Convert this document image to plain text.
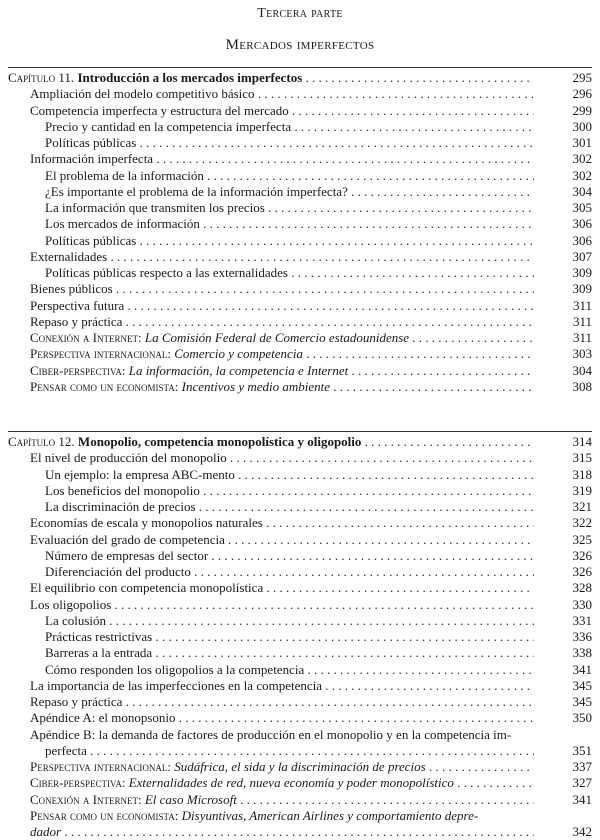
Tercera parte
Mercados imperfectos
Capítulo 11. Introducción a los mercados imperfectos . . .	295
Ampliación del modelo competitivo básico . . .	296
Competencia imperfecta y estructura del mercado . . .	299
Precio y cantidad en la competencia imperfecta . . .	300
Políticas públicas . . .	301
Información imperfecta . . .	302
El problema de la información . . .	302
¿Es importante el problema de la información imperfecta? . . .	304
La información que transmiten los precios . . .	305
Los mercados de información . . .	306
Políticas públicas . . .	306
Externalidades . . .	307
Políticas públicas respecto a las externalidades . . .	309
Bienes públicos . . .	309
Perspectiva futura . . .	311
Repaso y práctica . . .	311
Conexión a Internet: La Comisión Federal de Comercio estadounidense . . .	311
Perspectiva internacional: Comercio y competencia . . .	303
Ciber-perspectiva: La información, la competencia e Internet . . .	304
Pensar como un economista: Incentivos y medio ambiente . . .	308
Capítulo 12. Monopolio, competencia monopolística y oligopolio . . .	314
El nivel de producción del monopolio . . .	315
Un ejemplo: la empresa ABC-mento . . .	318
Los beneficios del monopolio . . .	319
La discriminación de precios . . .	321
Economías de escala y monopolios naturales . . .	322
Evaluación del grado de competencia . . .	325
Número de empresas del sector . . .	326
Diferenciación del producto . . .	326
El equilibrio con competencia monopolística . . .	328
Los oligopolios . . .	330
La colusión . . .	331
Prácticas restrictivas . . .	336
Barreras a la entrada . . .	338
Cómo responden los oligopolios a la competencia . . .	341
La importancia de las imperfecciones en la competencia . . .	345
Repaso y práctica . . .	345
Apéndice A: el monopsonio . . .	350
Apéndice B: la demanda de factores de producción en el monopolio y en la competencia im-
perfecta . . .	351
Perspectiva internacional: Sudáfrica, el sida y la discriminación de precios . . .	337
Ciber-perspectiva: Externalidades de red, nueva economía y poder monopolístico . . .	327
Conexión a Internet: El caso Microsoft . . .	341
Pensar como un economista: Disyuntivas, American Airlines y comportamiento depre-
dador . . .	342
